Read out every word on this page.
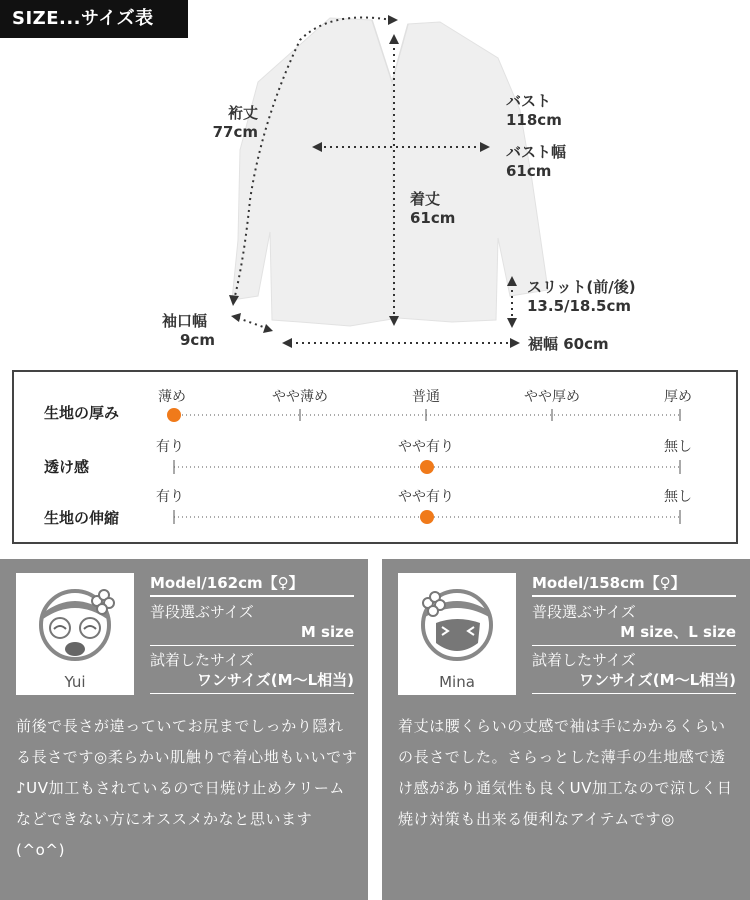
SIZE...サイズ表
裄丈
77cm
バスト
118cm
バスト幅
61cm
着丈
61cm
スリット(前/後)
13.5/18.5cm
袖口幅
9cm	裾幅 60cm
生地の厚み
薄め	やや薄め	普通	やや厚め	厚め
透け感
有り	やや有り	無し
生地の伸縮
有り	やや有り	無し
Yui
Model/162cm【♀】
普段選ぶサイズ
M size
試着したサイズ
ワンサイズ(M〜L相当)
前後で長さが違っていてお尻までしっかり隠れる長さです◎柔らかい肌触りで着心地もいいです♪UV加工もされているので日焼け止めクリームなどできない方にオススメかなと思います(^o^)
Mina
Model/158cm【♀】
普段選ぶサイズ
M size、L size
試着したサイズ
ワンサイズ(M〜L相当)
着丈は腰くらいの丈感で袖は手にかかるくらいの長さでした。さらっとした薄手の生地感で透け感があり通気性も良くUV加工なので涼しく日焼け対策も出来る便利なアイテムです◎
